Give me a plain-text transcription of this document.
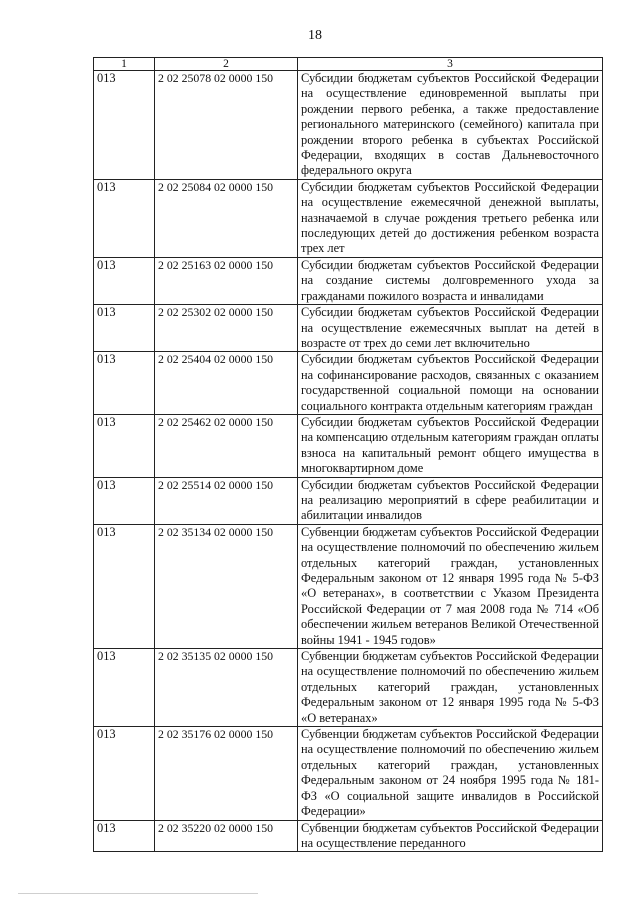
18
1	2	3
013	2 02 25078 02 0000 150	Субсидии бюджетам субъектов Российской Федерации на осуществление единовременной выплаты при рождении первого ребенка, а также предоставление регионального материнского (семейного) капитала при рождении второго ребенка в субъектах Российской Федерации, входящих в состав Дальневосточного федерального округа
013	2 02 25084 02 0000 150	Субсидии бюджетам субъектов Российской Федерации на осуществление ежемесячной денежной выплаты, назначаемой в случае рождения третьего ребенка или последующих детей до достижения ребенком возраста трех лет
013	2 02 25163 02 0000 150	Субсидии бюджетам субъектов Российской Федерации на создание системы долговременного ухода за гражданами пожилого возраста и инвалидами
013	2 02 25302 02 0000 150	Субсидии бюджетам субъектов Российской Федерации на осуществление ежемесячных выплат на детей в возрасте от трех до семи лет включительно
013	2 02 25404 02 0000 150	Субсидии бюджетам субъектов Российской Федерации на софинансирование расходов, связанных с оказанием государственной социальной помощи на основании социального контракта отдельным категориям граждан
013	2 02 25462 02 0000 150	Субсидии бюджетам субъектов Российской Федерации на компенсацию отдельным категориям граждан оплаты взноса на капитальный ремонт общего имущества в многоквартирном доме
013	2 02 25514 02 0000 150	Субсидии бюджетам субъектов Российской Федерации на реализацию мероприятий в сфере реабилитации и абилитации инвалидов
013	2 02 35134 02 0000 150	Субвенции бюджетам субъектов Российской Федерации на осуществление полномочий по обеспечению жильем отдельных категорий граждан, установленных Федеральным законом от 12 января 1995 года № 5-ФЗ «О ветеранах», в соответствии с Указом Президента Российской Федерации от 7 мая 2008 года № 714 «Об обеспечении жильем ветеранов Великой Отечественной войны 1941 - 1945 годов»
013	2 02 35135 02 0000 150	Субвенции бюджетам субъектов Российской Федерации на осуществление полномочий по обеспечению жильем отдельных категорий граждан, установленных Федеральным законом от 12 января 1995 года № 5-ФЗ «О ветеранах»
013	2 02 35176 02 0000 150	Субвенции бюджетам субъектов Российской Федерации на осуществление полномочий по обеспечению жильем отдельных категорий граждан, установленных Федеральным законом от 24 ноября 1995 года № 181-ФЗ «О социальной защите инвалидов в Российской Федерации»
013	2 02 35220 02 0000 150	Субвенции бюджетам субъектов Российской Федерации на осуществление переданного
